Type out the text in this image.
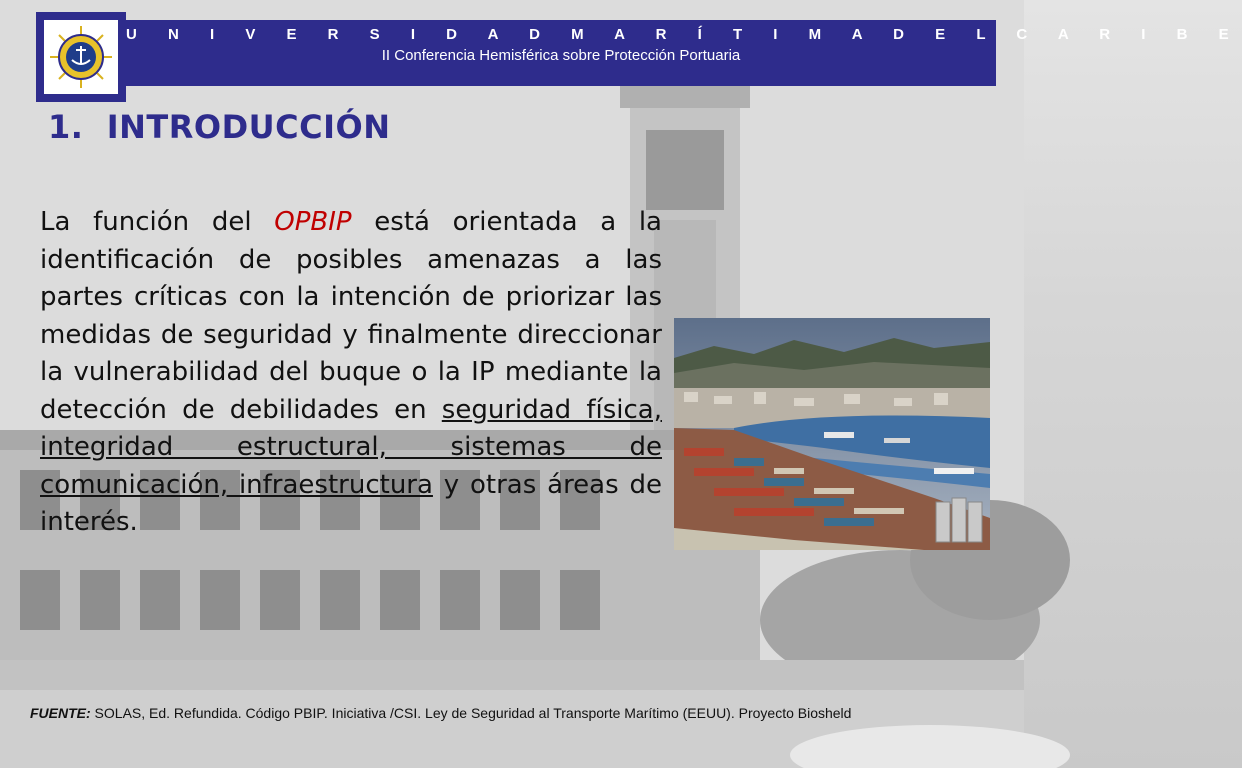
U N I V E R S I D A D M A R Í T I M A D E L C A R I B E
II Conferencia Hemisférica sobre Protección Portuaria
1. INTRODUCCIÓN

La función del OPBIP está orientada a la identificación de posibles amenazas a las partes críticas con la intención de priorizar las medidas de seguridad y finalmente direccionar la vulnerabilidad del buque o la IP mediante la detección de debilidades en seguridad física, integridad estructural, sistemas de comunicación, infraestructura y otras áreas de interés.

FUENTE: SOLAS, Ed. Refundida. Código PBIP. Iniciativa /CSI. Ley de Seguridad al Transporte Marítimo (EEUU). Proyecto Biosheld
